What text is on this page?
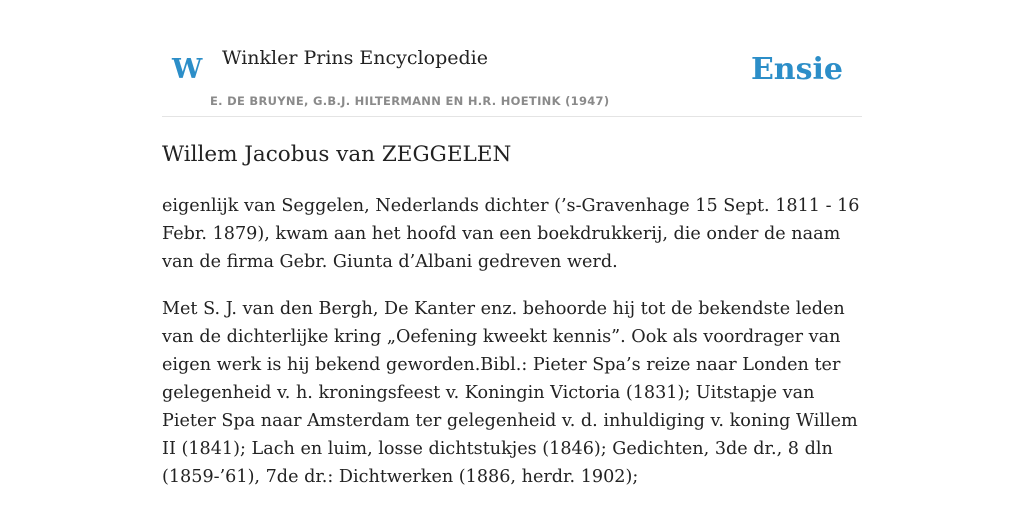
W Winkler Prins Encyclopedie
E. DE BRUYNE, G.B.J. HILTERMANN EN H.R. HOETINK (1947)
Ensie
Willem Jacobus van ZEGGELEN

eigenlijk van Seggelen, Nederlands dichter (’s-Gravenhage 15 Sept. 1811 - 16 Febr. 1879), kwam aan het hoofd van een boekdrukkerij, die onder de naam van de firma Gebr. Giunta d’Albani gedreven werd.

Met S. J. van den Bergh, De Kanter enz. behoorde hij tot de bekendste leden van de dichterlijke kring „Oefening kweekt kennis”. Ook als voordrager van eigen werk is hij bekend geworden.Bibl.: Pieter Spa’s reize naar Londen ter gelegenheid v. h. kroningsfeest v. Koningin Victoria (1831); Uitstapje van Pieter Spa naar Amsterdam ter gelegenheid v. d. inhuldiging v. koning Willem II (1841); Lach en luim, losse dichtstukjes (1846); Gedichten, 3de dr., 8 dln (1859-’61), 7de dr.: Dichtwerken (1886, herdr. 1902);
